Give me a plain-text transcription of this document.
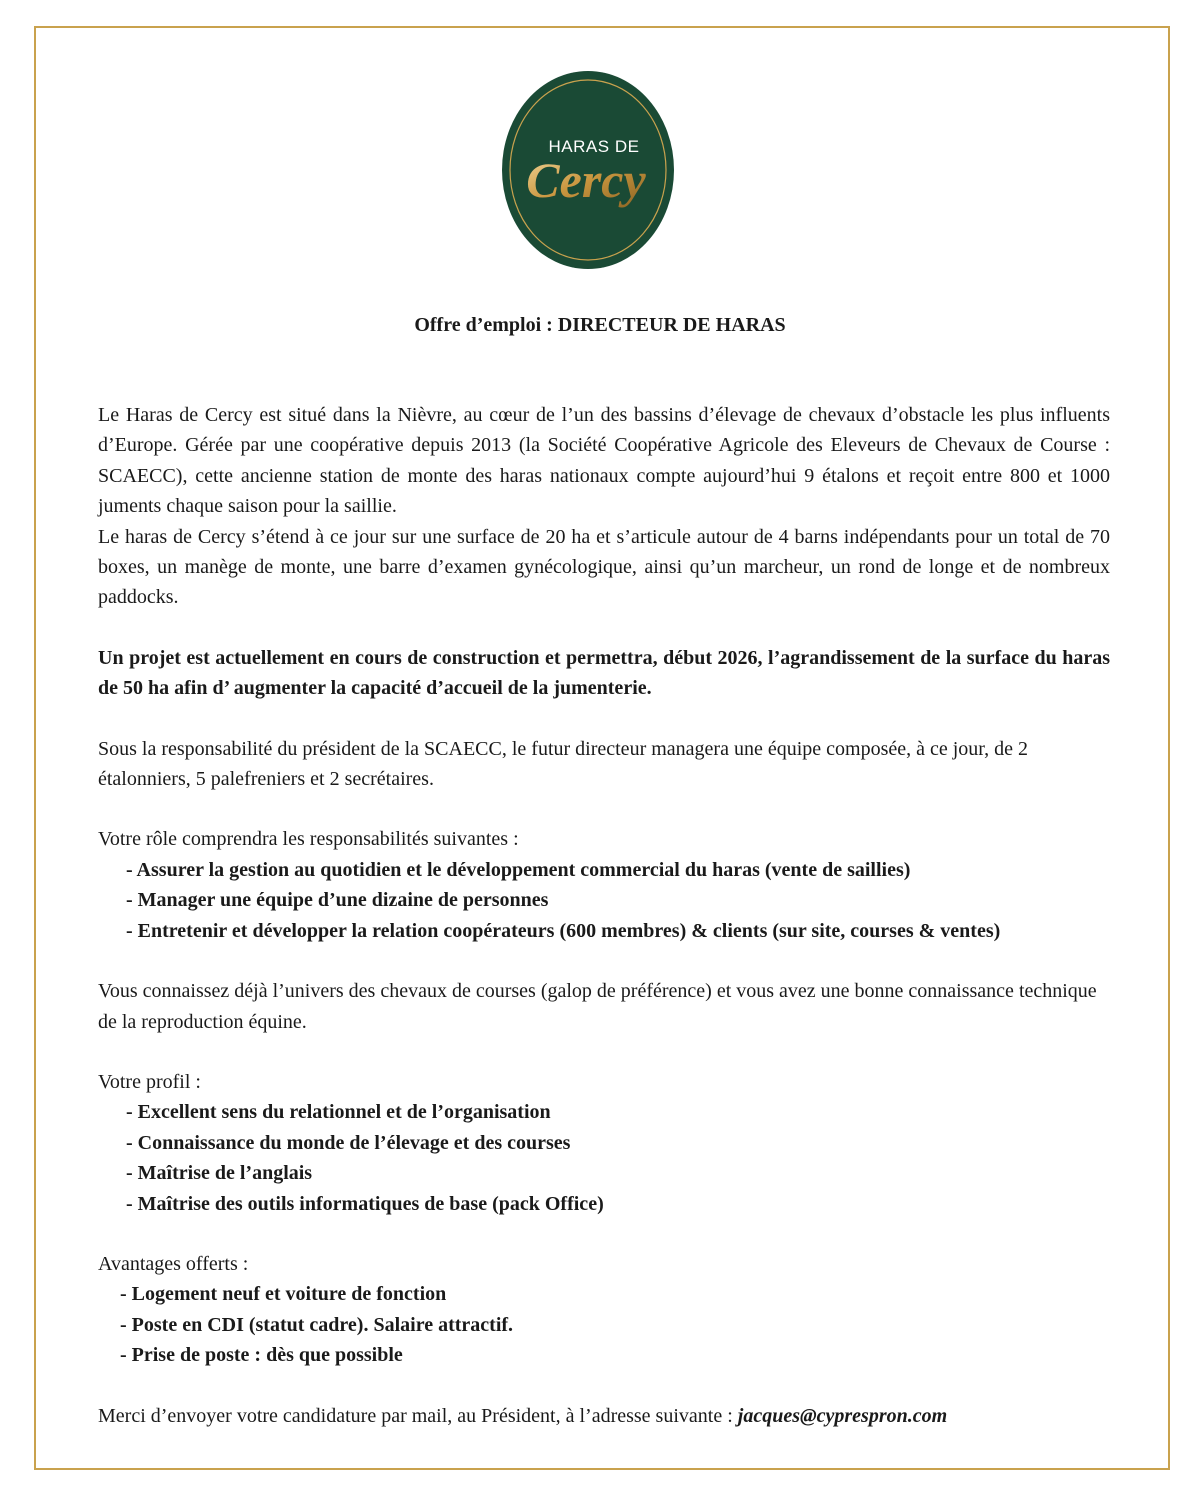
HARAS DE
Cercy
Offre d’emploi : DIRECTEUR DE HARAS

Le Haras de Cercy est situé dans la Nièvre, au cœur de l’un des bassins d’élevage de chevaux d’obstacle les plus influents d’Europe. Gérée par une coopérative depuis 2013 (la Société Coopérative Agricole des Eleveurs de Chevaux de Course : SCAECC), cette ancienne station de monte des haras nationaux compte aujourd’hui 9 étalons et reçoit entre 800 et 1000 juments chaque saison pour la saillie.

Le haras de Cercy s’étend à ce jour sur une surface de 20 ha et s’articule autour de 4 barns indépendants pour un total de 70 boxes, un manège de monte, une barre d’examen gynécologique, ainsi qu’un marcheur, un rond de longe et de nombreux paddocks.

Un projet est actuellement en cours de construction et permettra, début 2026, l’agrandissement de la surface du haras de 50 ha afin d’ augmenter la capacité d’accueil de la jumenterie.

Sous la responsabilité du président de la SCAECC, le futur directeur managera une équipe composée, à ce jour, de 2 étalonniers, 5 palefreniers et 2 secrétaires.

Votre rôle comprendra les responsabilités suivantes :

- Assurer la gestion au quotidien et le développement commercial du haras (vente de saillies)
- Manager une équipe d’une dizaine de personnes
- Entretenir et développer la relation coopérateurs (600 membres) & clients (sur site, courses & ventes)

Vous connaissez déjà l’univers des chevaux de courses (galop de préférence) et vous avez une bonne connaissance technique de la reproduction équine.

Votre profil :

- Excellent sens du relationnel et de l’organisation
- Connaissance du monde de l’élevage et des courses
- Maîtrise de l’anglais
- Maîtrise des outils informatiques de base (pack Office)

Avantages offerts :

- Logement neuf et voiture de fonction
- Poste en CDI (statut cadre). Salaire attractif.
- Prise de poste : dès que possible

Merci d’envoyer votre candidature par mail, au Président, à l’adresse suivante : jacques@cyprespron.com
